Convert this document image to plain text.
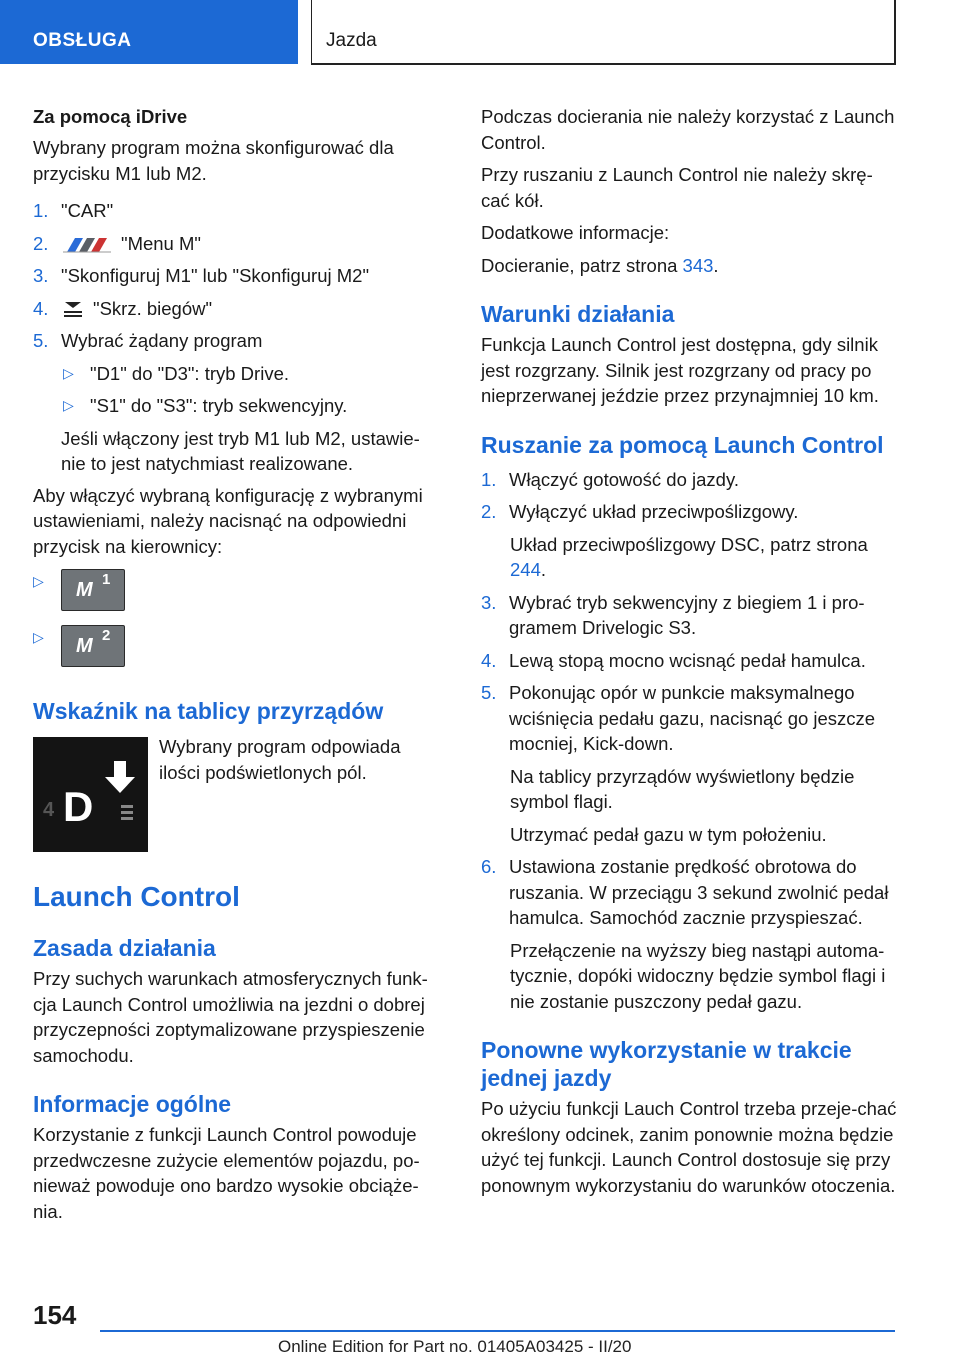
OBSŁUGA	Jazda

Za pomocą iDrive

Wybrany program można skonfigurować dla przycisku M1 lub M2.

1. "CAR"
2.	"Menu M"
3. "Skonfiguruj M1" lub "Skonfiguruj M2"
4. "Skrz. biegów"
5. Wybrać żądany program
▷ "D1" do "D3": tryb Drive.
▷ "S1" do "S3": tryb sekwencyjny.
Jeśli włączony jest tryb M1 lub M2, ustawie-nie to jest natychmiast realizowane.

Aby włączyć wybraną konfigurację z wybranymi ustawieniami, należy nacisnąć na odpowiedni przycisk na kierownicy:

▷ M 1
▷ M 2
Wskaźnik na tablicy przyrządów
4 D

Wybrany program odpowiada ilości podświetlonych pól.

Launch Control
Zasada działania

Przy suchych warunkach atmosferycznych funk-cja Launch Control umożliwia na jezdni o dobrej przyczepności zoptymalizowane przyspieszenie samochodu.

Informacje ogólne

Korzystanie z funkcji Launch Control powoduje przedwczesne zużycie elementów pojazdu, po-nieważ powoduje ono bardzo wysokie obciąże-nia.

Podczas docierania nie należy korzystać z Launch Control.

Przy ruszaniu z Launch Control nie należy skrę-cać kół.

Dodatkowe informacje:

Docieranie, patrz strona 343.

Warunki działania

Funkcja Launch Control jest dostępna, gdy silnik jest rozgrzany. Silnik jest rozgrzany od pracy po nieprzerwanej jeździe przez przynajmniej 10 km.

Ruszanie za pomocą Launch Control
1. Włączyć gotowość do jazdy.
2. Wyłączyć układ przeciwpoślizgowy.
Układ przeciwpoślizgowy DSC, patrz strona 244.
3. Wybrać tryb sekwencyjny z biegiem 1 i pro-gramem Drivelogic S3.
4. Lewą stopą mocno wcisnąć pedał hamulca.
5. Pokonując opór w punkcie maksymalnego wciśnięcia pedału gazu, nacisnąć go jeszcze mocniej, Kick-down.
Na tablicy przyrządów wyświetlony będzie symbol flagi.
Utrzymać pedał gazu w tym położeniu.
6. Ustawiona zostanie prędkość obrotowa do ruszania. W przeciągu 3 sekund zwolnić pedał hamulca. Samochód zacznie przyspieszać.
Przełączenie na wyższy bieg nastąpi automa-tycznie, dopóki widoczny będzie symbol flagi i nie zostanie puszczony pedał gazu.
Ponowne wykorzystanie w trakcie jednej jazdy

Po użyciu funkcji Lauch Control trzeba przeje-chać określony odcinek, zanim ponownie można będzie użyć tej funkcji. Launch Control dostosuje się przy ponownym wykorzystaniu do warunków otoczenia.

154
Online Edition for Part no. 01405A03425 - II/20
